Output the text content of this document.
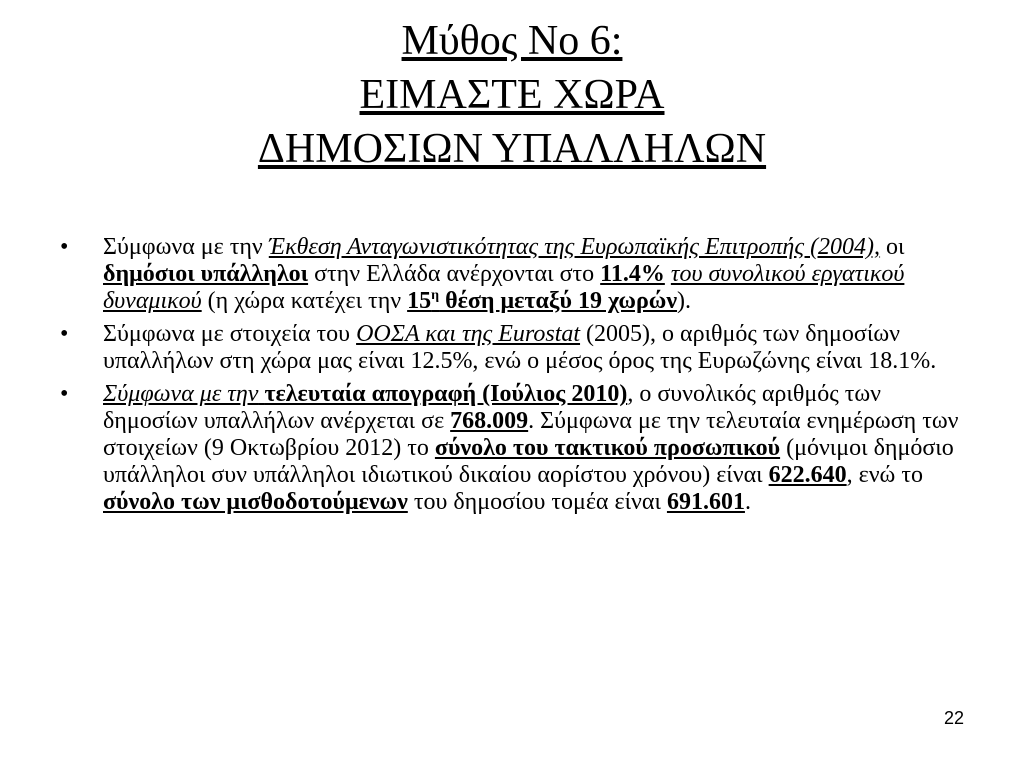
Μύθος Νο 6:
ΕΙΜΑΣΤΕ ΧΩΡΑ
ΔΗΜΟΣΙΩΝ ΥΠΑΛΛΗΛΩΝ
• Σύμφωνα με την Έκθεση Ανταγωνιστικότητας της Ευρωπαϊκής Επιτροπής (2004), οι δημόσιοι υπάλληλοι στην Ελλάδα ανέρχονται στο 11.4% του συνολικού εργατικού δυναμικού (η χώρα κατέχει την $15^\eta$ θέση μεταξύ 19 χωρών).
• Σύμφωνα με στοιχεία του ΟΟΣΑ και της Eurostat (2005), ο αριθμός των δημοσίων υπαλλήλων στη χώρα μας είναι 12.5%, ενώ ο μέσος όρος της Ευρωζώνης είναι 18.1%.
• Σύμφωνα με την τελευταία απογραφή (Ιούλιος 2010), ο συνολικός αριθμός των δημοσίων υπαλλήλων ανέρχεται σε 768.009. Σύμφωνα με την τελευταία ενημέρωση των στοιχείων (9 Οκτωβρίου 2012) το σύνολο του τακτικού προσωπικού (μόνιμοι δημόσιο υπάλληλοι συν υπάλληλοι ιδιωτικού δικαίου αορίστου χρόνου) είναι 622.640, ενώ το σύνολο των μισθοδοτούμενων του δημοσίου τομέα είναι 691.601.
22
